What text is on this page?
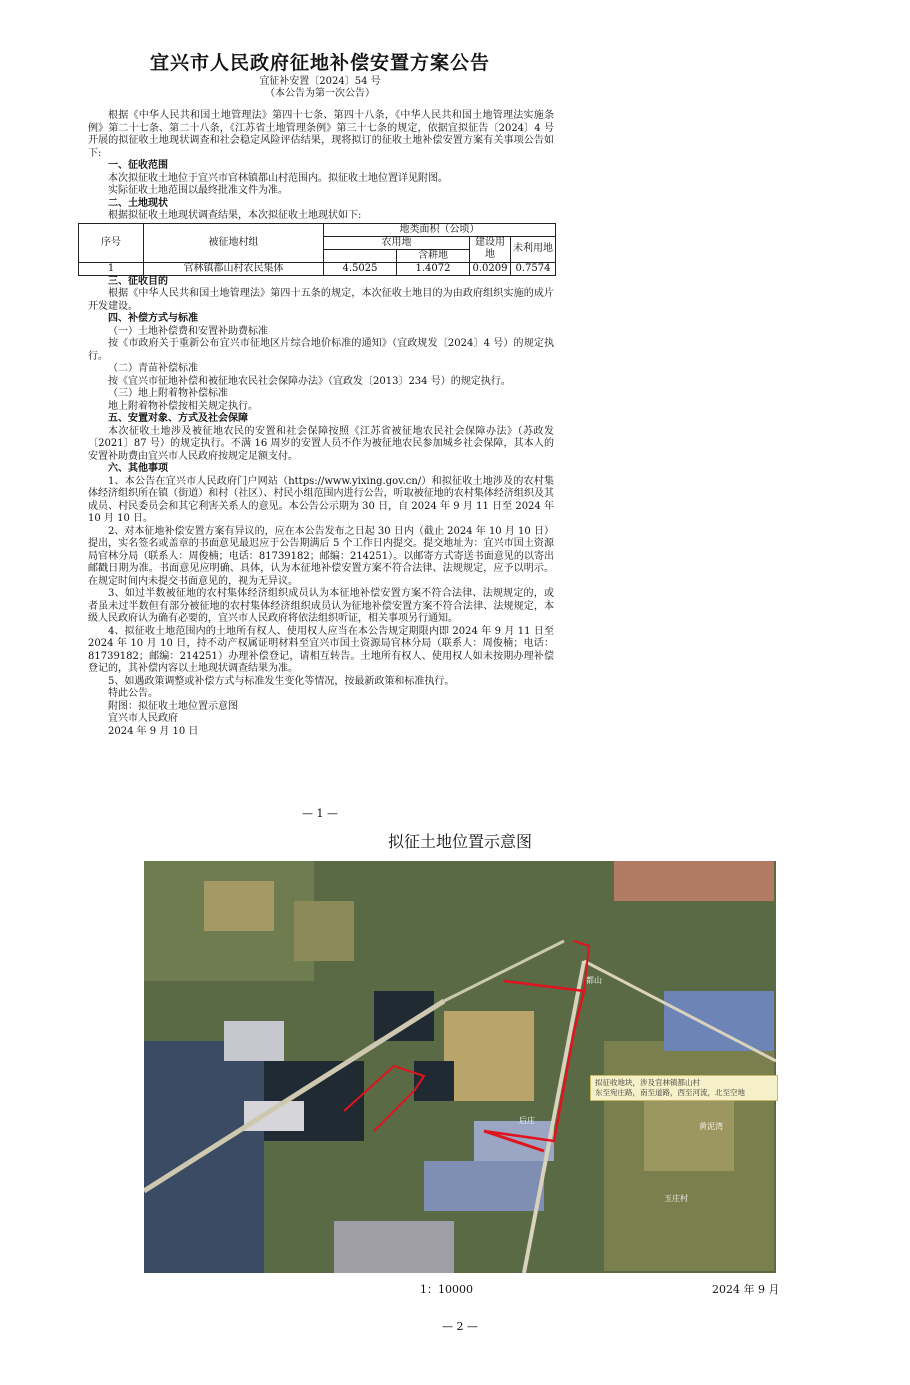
宜兴市人民政府征地补偿安置方案公告
宜征补安置〔2024〕54 号
（本公告为第一次公告）

根据《中华人民共和国土地管理法》第四十七条、第四十八条，《中华人民共和国土地管理法实施条例》第二十七条、第二十八条，《江苏省土地管理条例》第三十七条的规定，依据宜拟征告〔2024〕4 号开展的拟征收土地现状调查和社会稳定风险评估结果，现将拟订的征收土地补偿安置方案有关事项公告如下:

一、征收范围

本次拟征收土地位于宜兴市官林镇都山村范围内。拟征收土地位置详见附图。

实际征收土地范围以最终批准文件为准。

二、土地现状

根据拟征收土地现状调查结果，本次拟征收土地现状如下:

序号	被征地村组	地类面积（公顷）			
		农用地		建设用地	未利用地
			含耕地		
1	官林镇都山村农民集体	4.5025	1.4072	0.0209	0.7574
三、征收目的

根据《中华人民共和国土地管理法》第四十五条的规定，本次征收土地目的为由政府组织实施的成片开发建设。

四、补偿方式与标准
（一）土地补偿费和安置补助费标准

按《市政府关于重新公布宜兴市征地区片综合地价标准的通知》（宜政规发〔2024〕4 号）的规定执行。

（二）青苗补偿标准

按《宜兴市征地补偿和被征地农民社会保障办法》（宜政发〔2013〕234 号）的规定执行。

（三）地上附着物补偿标准

地上附着物补偿按相关规定执行。

五、安置对象、方式及社会保障

本次征收土地涉及被征地农民的安置和社会保障按照《江苏省被征地农民社会保障办法》（苏政发〔2021〕87 号）的规定执行。不满 16 周岁的安置人员不作为被征地农民参加城乡社会保障，其本人的安置补助费由宜兴市人民政府按规定足额支付。

六、其他事项

1、本公告在宜兴市人民政府门户网站（https://www.yixing.gov.cn/）和拟征收土地涉及的农村集体经济组织所在镇（街道）和村（社区）、村民小组范围内进行公告，听取被征地的农村集体经济组织及其成员、村民委员会和其它利害关系人的意见。本公告公示期为 30 日，自 2024 年 9 月 11 日至 2024 年 10 月 10 日。

2、对本征地补偿安置方案有异议的，应在本公告发布之日起 30 日内（截止 2024 年 10 月 10 日）提出，实名签名或盖章的书面意见最迟应于公告期满后 5 个工作日内提交。提交地址为：宜兴市国土资源局官林分局（联系人：周俊楠；电话：81739182；邮编：214251）。以邮寄方式寄送书面意见的以寄出邮戳日期为准。书面意见应明确、具体，认为本征地补偿安置方案不符合法律、法规规定，应予以明示。在规定时间内未提交书面意见的，视为无异议。

3、如过半数被征地的农村集体经济组织成员认为本征地补偿安置方案不符合法律、法规规定的，或者虽未过半数但有部分被征地的农村集体经济组织成员认为征地补偿安置方案不符合法律、法规规定，本级人民政府认为确有必要的，宜兴市人民政府将依法组织听证，相关事项另行通知。

4、拟征收土地范围内的土地所有权人、使用权人应当在本公告规定期限内即 2024 年 9 月 11 日至 2024 年 10 月 10 日，持不动产权属证明材料至宜兴市国土资源局官林分局（联系人：周俊楠；电话：81739182；邮编：214251）办理补偿登记，请相互转告。土地所有权人、使用权人如未按期办理补偿登记的，其补偿内容以土地现状调查结果为准。

5、如遇政策调整或补偿方式与标准发生变化等情况，按最新政策和标准执行。

特此公告。

附图：拟征收土地位置示意图

宜兴市人民政府

2024 年 9 月 10 日

— 1 —
拟征土地位置示意图
后庄
黄泥湾
玉庄村
都山
拟征收地块，涉及官林镇都山村
东至宛庄路，南至道路，西至河流，北至空地
1：10000	2024 年 9 月
— 2 —
